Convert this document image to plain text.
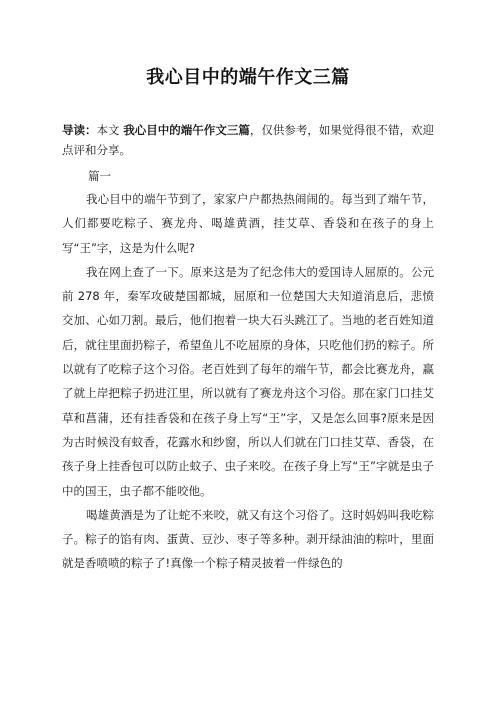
我心目中的端午作文三篇

导读：本文 我心目中的端午作文三篇，仅供参考，如果觉得很不错，欢迎点评和分享。

篇一

我心目中的端午节到了，家家户户都热热闹闹的。每当到了端午节，人们都要吃粽子、赛龙舟、喝雄黄酒，挂艾草、香袋和在孩子的身上写“王”字，这是为什么呢?

我在网上查了一下。原来这是为了纪念伟大的爱国诗人屈原的。公元前 278 年，秦军攻破楚国都城，屈原和一位楚国大夫知道消息后，悲愤交加、心如刀割。最后，他们抱着一块大石头跳江了。当地的老百姓知道后，就往里面扔粽子，希望鱼儿不吃屈原的身体，只吃他们扔的粽子。所以就有了吃粽子这个习俗。老百姓到了每年的端午节，都会比赛龙舟，赢了就上岸把粽子扔进江里，所以就有了赛龙舟这个习俗。那在家门口挂艾草和菖蒲，还有挂香袋和在孩子身上写“王”字，又是怎么回事?原来是因为古时候没有蚊香，花露水和纱窗，所以人们就在门口挂艾草、香袋，在孩子身上挂香包可以防止蚊子、虫子来咬。在孩子身上写“王”字就是虫子中的国王，虫子都不能咬他。

喝雄黄酒是为了让蛇不来咬，就又有这个习俗了。这时妈妈叫我吃粽子。粽子的馅有肉、蛋黄、豆沙、枣子等多种。剥开绿油油的粽叶，里面就是香喷喷的粽子了!真像一个粽子精灵披着一件绿色的
